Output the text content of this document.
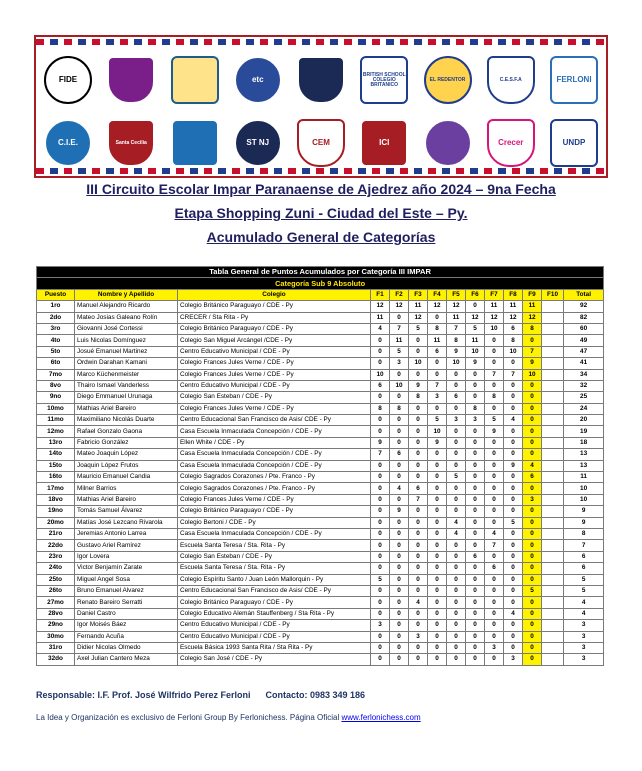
FIDE	etc
BRITISH SCHOOL
COLEGIO BRITANICO
EL REDENTOR	C.E.S.F.A	FERLONI
C.I.E.	Santa Cecilia	ST NJ	CEM	ICI	Crecer	UNDP
III Circuito Escolar Impar Paranaense de Ajedrez año 2024 – 9na Fecha
Etapa Shopping Zuni - Ciudad del Este – Py.
Acumulado General de Categorías
Tabla General de Puntos Acumulados por Categoría III IMPAR													
Categoría Sub 9 Absoluto													
Puesto	Nombre y Apellido	Colegio	F1	F2	F3	F4	F5	F6	F7	F8	F9	F10	Total
1ro	Manuel Alejandro Ricardo	Colegio Británico Paraguayo / CDE - Py	12	12	11	12	12	0	11	11	11		92
2do	Mateo Josias Galeano Rolín	CRECER / Sta Rita - Py	11	0	12	0	11	12	12	12	12		82
3ro	Giovanni José Cortessi	Colegio Británico Paraguayo / CDE - Py	4	7	5	8	7	5	10	6	8		60
4to	Luis Nicolas Domínguez	Colegio San Miguel Arcángel /CDE - Py	0	11	0	11	8	11	0	8	0		49
5to	Josué Emanuel Martinez	Centro Educativo Municipal / CDE - Py	0	5	0	6	9	10	0	10	7		47
6to	Ordwin Darahan Kamani	Colegio Frances Jules Verne / CDE - Py	0	3	10	0	10	9	0	0	9		41
7mo	Marco Küchenmeister	Colegio Frances Jules Verne / CDE - Py	10	0	0	0	0	0	7	7	10		34
8vo	Thairo Ismael Vanderless	Centro Educativo Municipal / CDE - Py	6	10	9	7	0	0	0	0	0		32
9no	Diego Emmanuel Urunaga	Colegio San Esteban / CDE - Py	0	0	8	3	6	0	8	0	0		25
10mo	Mathias Ariel Bareiro	Colegio Frances Jules Verne / CDE - Py	8	8	0	0	0	8	0	0	0		24
11mo	Maximiliano Nicolás Duarte	Centro Educacional San Francisco de Asis/ CDE - Py	0	0	0	5	3	3	5	4	0		20
12mo	Rafael Gonzalo Gaona	Casa Escuela Inmaculada Concepción / CDE - Py	0	0	0	10	0	0	9	0	0		19
13ro	Fabricio González	Ellen White / CDE - Py	9	0	0	9	0	0	0	0	0		18
14to	Mateo Joaquin López	Casa Escuela Inmaculada Concepción / CDE - Py	7	6	0	0	0	0	0	0	0		13
15to	Joaquin López Frutos	Casa Escuela Inmaculada Concepción / CDE - Py	0	0	0	0	0	0	0	9	4		13
16to	Mauricio Emanuel Candia	Colegio Sagrados Corazones / Pte. Franco - Py	0	0	0	0	5	0	0	0	6		11
17mo	Milner Barrios	Colegio Sagrados Corazones / Pte. Franco - Py	0	4	6	0	0	0	0	0	0		10
18vo	Mathias Ariel Bareiro	Colegio Frances Jules Verne / CDE - Py	0	0	7	0	0	0	0	0	3		10
19no	Tomás Samuel Álvarez	Colegio Británico Paraguayo / CDE - Py	0	9	0	0	0	0	0	0	0		9
20mo	Matías José Lezcano Rivarola	Colegio Bertoni / CDE - Py	0	0	0	0	4	0	0	5	0		9
21ro	Jeremias Antonio Larrea	Casa Escuela Inmaculada Concepción / CDE - Py	0	0	0	0	4	0	4	0	0		8
22do	Gustavo Ariel Ramírez	Escuela Santa Teresa / Sta. Rita - Py	0	0	0	0	0	0	7	0	0		7
23ro	Igor Lovera	Colegio San Esteban / CDE - Py	0	0	0	0	0	6	0	0	0		6
24to	Victor Benjamín Zarate	Escuela Santa Teresa / Sta. Rita - Py	0	0	0	0	0	0	6	0	0		6
25to	Miguel Angel Sosa	Colegio Espíritu Santo / Juan León Mallorquin - Py	5	0	0	0	0	0	0	0	0		5
26to	Bruno Emanuel Alvarez	Centro Educacional San Francisco de Asis/ CDE - Py	0	0	0	0	0	0	0	0	5		5
27mo	Renato Bareiro Serratti	Colegio Británico Paraguayo / CDE - Py	0	0	4	0	0	0	0	0	0		4
28vo	Daniel Castro	Colegio Educativo Alemán Stauffenberg / Sta Rita - Py	0	0	0	0	0	0	0	4	0		4
29no	Igor Moisés Báez	Centro Educativo Municipal / CDE - Py	3	0	0	0	0	0	0	0	0		3
30mo	Fernando Acuña	Centro Educativo Municipal / CDE - Py	0	0	3	0	0	0	0	0	0		3
31ro	Didier Nicolas Olmedo	Escuela Básica 1993 Santa Rita / Sta Rita - Py	0	0	0	0	0	0	3	0	0		3
32do	Axel Julian Cantero Meza	Colegio San José / CDE - Py	0	0	0	0	0	0	0	3	0		3
Responsable: I.F. Prof. José Wilfrido Perez Ferloni Contacto: 0983 349 186
La Idea y Organización es exclusivo de Ferloni Group By Ferlonichess. Página Oficial www.ferlonichess.com
